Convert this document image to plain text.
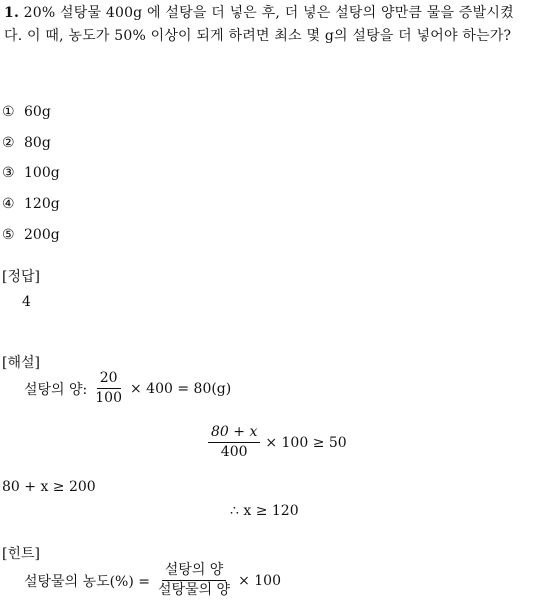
1. 20% 설탕물 400g 에 설탕을 더 넣은 후, 더 넣은 설탕의 양만큼 물을 증발시켰다. 이 때, 농도가 50% 이상이 되게 하려면 최소 몇 g의 설탕을 더 넣어야 하는가?
① 60g
② 80g
③ 100g
④ 120g
⑤ 200g
[정답]
4
[해설]
설탕의 양: $\frac{20}{100} \times 400 = 80(g)$
$\frac{80 + x}{400} \times 100 \ge 50$
80 + x ≥ 200
∴ x ≥ 120
[힌트]
설탕물의 농도(%) = $\frac{\text{설탕의 양}}{\text{설탕물의 양}} \times 100$
